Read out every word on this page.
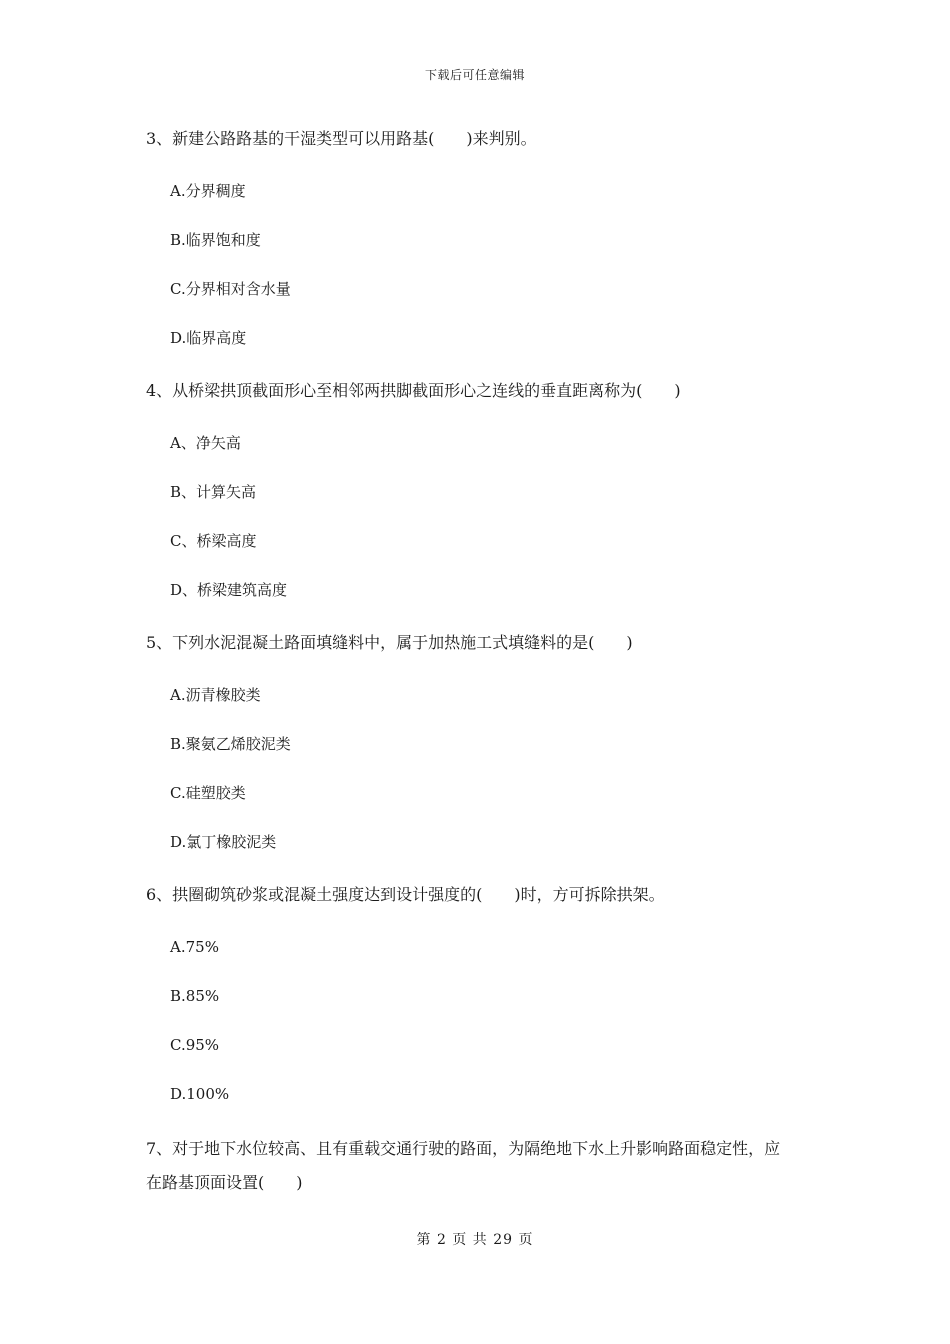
下载后可任意编辑
3、新建公路路基的干湿类型可以用路基(　　)来判别。
A.分界稠度
B.临界饱和度
C.分界相对含水量
D.临界高度
4、从桥梁拱顶截面形心至相邻两拱脚截面形心之连线的垂直距离称为(　　)
A、净矢高
B、计算矢高
C、桥梁高度
D、桥梁建筑高度
5、下列水泥混凝土路面填缝料中，属于加热施工式填缝料的是(　　)
A.沥青橡胶类
B.聚氨乙烯胶泥类
C.硅塑胶类
D.氯丁橡胶泥类
6、拱圈砌筑砂浆或混凝土强度达到设计强度的(　　)时，方可拆除拱架。
A.75%
B.85%
C.95%
D.100%
7、对于地下水位较高、且有重载交通行驶的路面，为隔绝地下水上升影响路面稳定性，应
在路基顶面设置(　　)
第 2 页 共 29 页
